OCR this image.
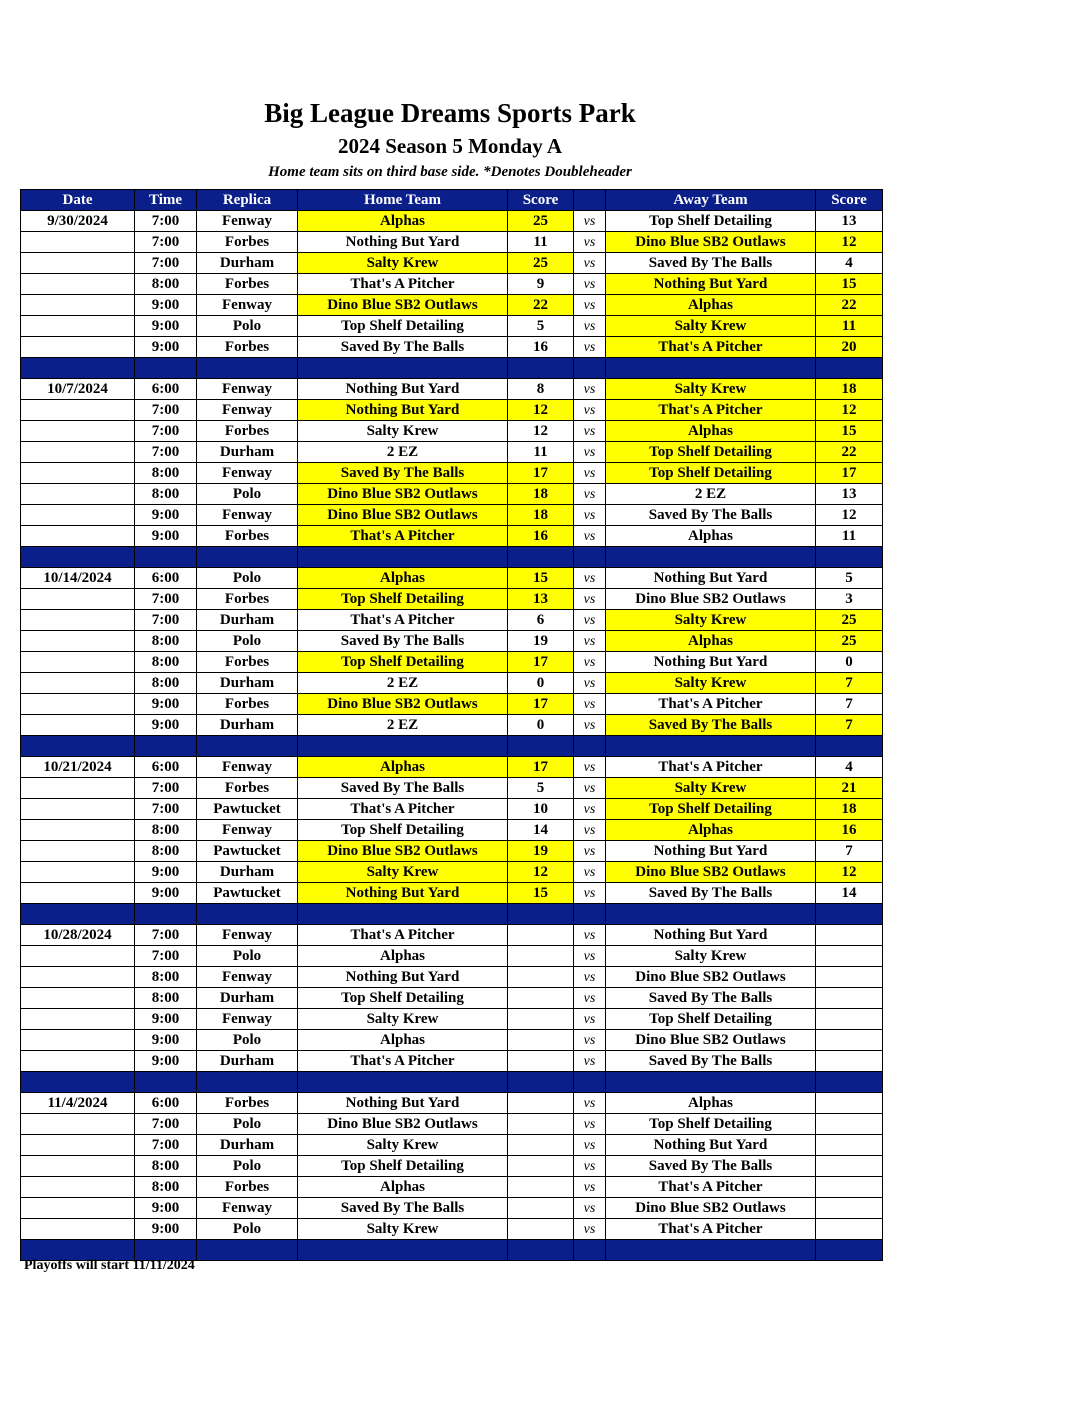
Big League Dreams Sports Park
2024 Season 5 Monday A
Home team sits on third base side. *Denotes Doubleheader
Date	Time	Replica	Home Team	Score		Away Team	Score
9/30/2024	7:00	Fenway	Alphas	25	vs	Top Shelf Detailing	13
	7:00	Forbes	Nothing But Yard	11	vs	Dino Blue SB2 Outlaws	12
	7:00	Durham	Salty Krew	25	vs	Saved By The Balls	4
	8:00	Forbes	That's A Pitcher	9	vs	Nothing But Yard	15
	9:00	Fenway	Dino Blue SB2 Outlaws	22	vs	Alphas	22
	9:00	Polo	Top Shelf Detailing	5	vs	Salty Krew	11
	9:00	Forbes	Saved By The Balls	16	vs	That's A Pitcher	20

10/7/2024	6:00	Fenway	Nothing But Yard	8	vs	Salty Krew	18
	7:00	Fenway	Nothing But Yard	12	vs	That's A Pitcher	12
	7:00	Forbes	Salty Krew	12	vs	Alphas	15
	7:00	Durham	2 EZ	11	vs	Top Shelf Detailing	22
	8:00	Fenway	Saved By The Balls	17	vs	Top Shelf Detailing	17
	8:00	Polo	Dino Blue SB2 Outlaws	18	vs	2 EZ	13
	9:00	Fenway	Dino Blue SB2 Outlaws	18	vs	Saved By The Balls	12
	9:00	Forbes	That's A Pitcher	16	vs	Alphas	11

10/14/2024	6:00	Polo	Alphas	15	vs	Nothing But Yard	5
	7:00	Forbes	Top Shelf Detailing	13	vs	Dino Blue SB2 Outlaws	3
	7:00	Durham	That's A Pitcher	6	vs	Salty Krew	25
	8:00	Polo	Saved By The Balls	19	vs	Alphas	25
	8:00	Forbes	Top Shelf Detailing	17	vs	Nothing But Yard	0
	8:00	Durham	2 EZ	0	vs	Salty Krew	7
	9:00	Forbes	Dino Blue SB2 Outlaws	17	vs	That's A Pitcher	7
	9:00	Durham	2 EZ	0	vs	Saved By The Balls	7

10/21/2024	6:00	Fenway	Alphas	17	vs	That's A Pitcher	4
	7:00	Forbes	Saved By The Balls	5	vs	Salty Krew	21
	7:00	Pawtucket	That's A Pitcher	10	vs	Top Shelf Detailing	18
	8:00	Fenway	Top Shelf Detailing	14	vs	Alphas	16
	8:00	Pawtucket	Dino Blue SB2 Outlaws	19	vs	Nothing But Yard	7
	9:00	Durham	Salty Krew	12	vs	Dino Blue SB2 Outlaws	12
	9:00	Pawtucket	Nothing But Yard	15	vs	Saved By The Balls	14

10/28/2024	7:00	Fenway	That's A Pitcher		vs	Nothing But Yard	
	7:00	Polo	Alphas		vs	Salty Krew	
	8:00	Fenway	Nothing But Yard		vs	Dino Blue SB2 Outlaws	
	8:00	Durham	Top Shelf Detailing		vs	Saved By The Balls	
	9:00	Fenway	Salty Krew		vs	Top Shelf Detailing	
	9:00	Polo	Alphas		vs	Dino Blue SB2 Outlaws	
	9:00	Durham	That's A Pitcher		vs	Saved By The Balls	

11/4/2024	6:00	Forbes	Nothing But Yard		vs	Alphas	
	7:00	Polo	Dino Blue SB2 Outlaws		vs	Top Shelf Detailing	
	7:00	Durham	Salty Krew		vs	Nothing But Yard	
	8:00	Polo	Top Shelf Detailing		vs	Saved By The Balls	
	8:00	Forbes	Alphas		vs	That's A Pitcher	
	9:00	Fenway	Saved By The Balls		vs	Dino Blue SB2 Outlaws	
	9:00	Polo	Salty Krew		vs	That's A Pitcher	

Playoffs will start 11/11/2024
